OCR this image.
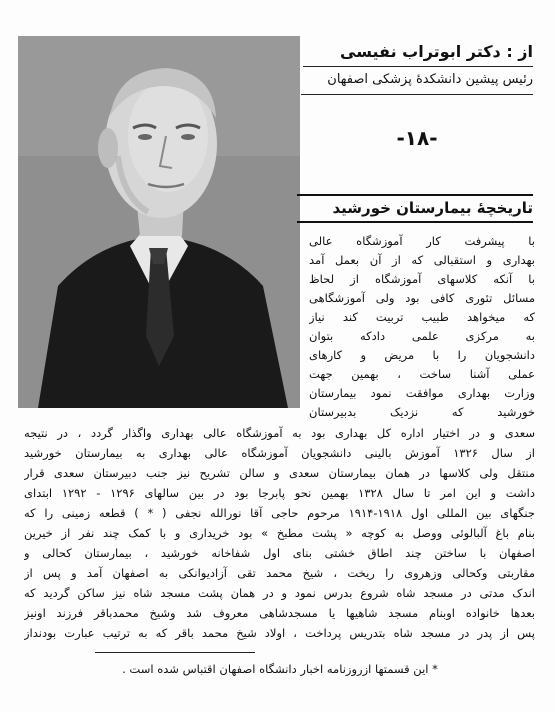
از : دکتر ابوتراب نفیسی
رئیس پیشین دانشکدهٔ پزشکی اصفهان
-۱۸-
تاریخچهٔ بیمارستان خورشید
با پیشرفت کار آموزشگاه عالی
بهداری و استقبالی که از آن بعمل آمد
با آنکه کلاسهای آموزشگاه از لحاظ
مسائل تئوری کافی بود ولی آموزشگاهی
که میخواهد طبیب تربیت کند نیاز
به مرکزی علمی دادکه بتوان
دانشجویان را با مریض و کارهای
عملی آشنا ساخت ، بهمین جهت
وزارت بهداری موافقت نمود بیمارستان
خورشید که نزدیک بدبیرستان
سعدی و در اختیار اداره کل بهداری بود به آموزشگاه عالی بهداری واگذار گردد ، در نتیجه
از سال ۱۳۲۶ آموزش بالینی دانشجویان آموزشگاه عالی بهداری به بیمارستان خورشید
منتقل ولی کلاسها در همان بیمارستان سعدی و سالن تشریح نیز جنب دبیرستان سعدی قرار
داشت و این امر تا سال ۱۳۲۸ بهمین نحو پابرجا بود در بین سالهای ۱۲۹۶ - ۱۲۹۲ ابتدای
جنگهای بین المللی اول ۱۹۱۸-۱۹۱۴ مرحوم حاجی آقا نورالله نجفی ( * ) قطعه زمینی را که
بنام باغ آلبالوئی ووصل به کوچه « پشت مطبخ » بود خریداری و با کمک چند نفر از خیرین
اصفهان با ساختن چند اطاق خشتی بنای اول شفاخانه خورشید ، بیمارستان کحالی و
مقاربتی وکحالی وزهروی را ریخت ، شیخ محمد تقی آزادیوانکی به اصفهان آمد و پس از
اندک مدتی در مسجد شاه شروع بدرس نمود و در همان پشت مسجد شاه نیز ساکن گردید که
بعدها خانواده اوبنام مسجد شاهیها یا مسجدشاهی معروف شد وشیخ محمدباقر فرزند اونیز
پس از پدر در مسجد شاه بتدریس پرداخت ، اولاد شیخ محمد باقر که به ترتیب عبارت بودنداز
* این قسمتها ازروزنامه اخبار دانشگاه اصفهان اقتباس شده است .
